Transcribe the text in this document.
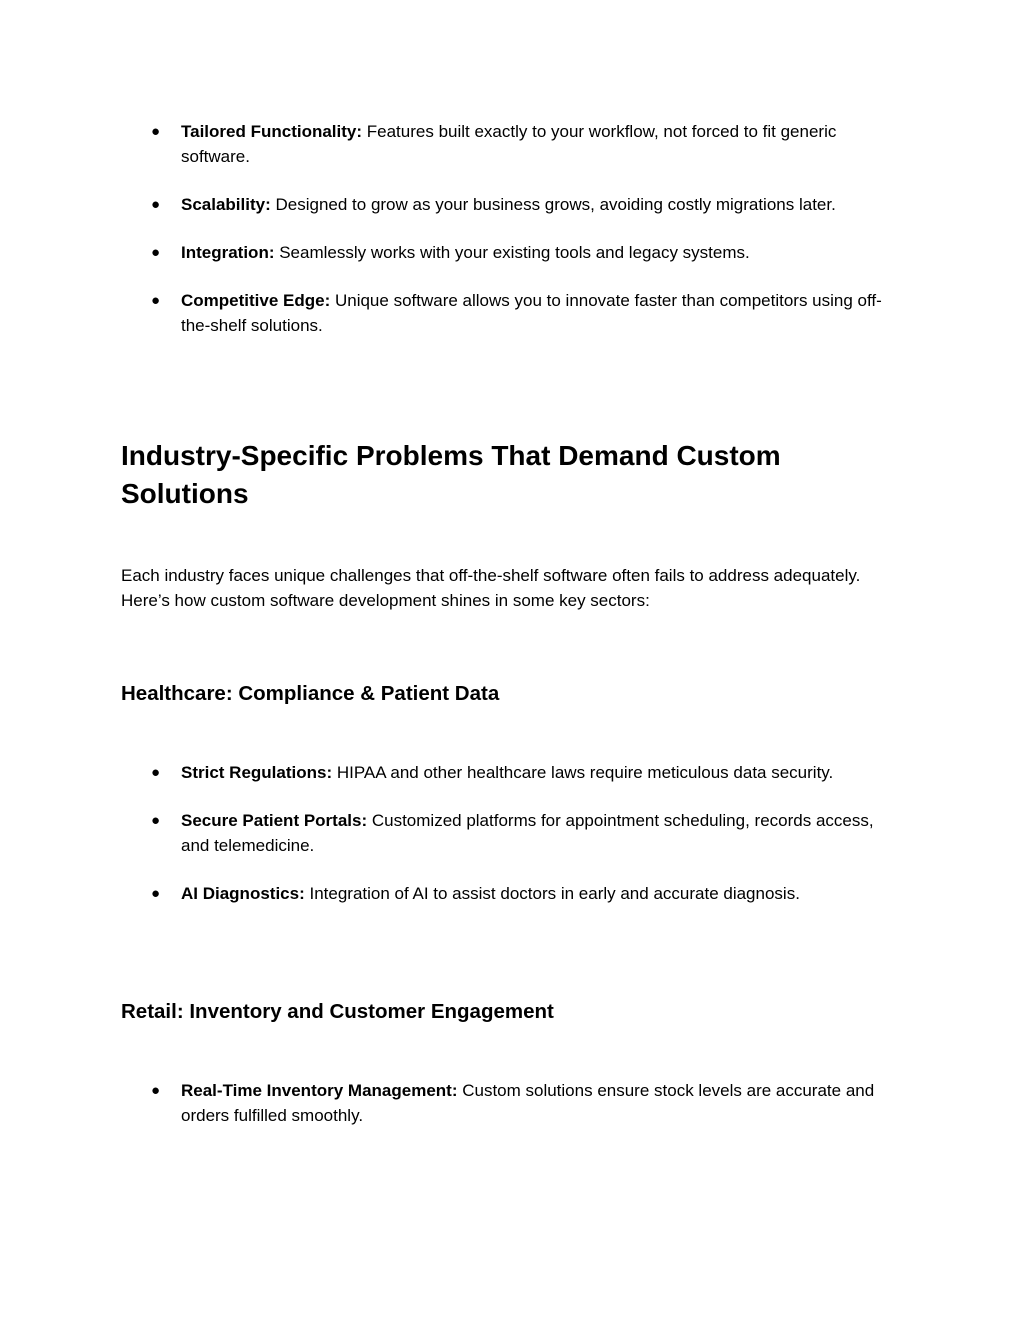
● Tailored Functionality: Features built exactly to your workflow, not forced to fit generic software.
● Scalability: Designed to grow as your business grows, avoiding costly migrations later.
● Integration: Seamlessly works with your existing tools and legacy systems.
● Competitive Edge: Unique software allows you to innovate faster than competitors using off-the-shelf solutions.
Industry-Specific Problems That Demand Custom Solutions

Each industry faces unique challenges that off-the-shelf software often fails to address adequately. Here’s how custom software development shines in some key sectors:

Healthcare: Compliance & Patient Data
● Strict Regulations: HIPAA and other healthcare laws require meticulous data security.
● Secure Patient Portals: Customized platforms for appointment scheduling, records access, and telemedicine.
● AI Diagnostics: Integration of AI to assist doctors in early and accurate diagnosis.
Retail: Inventory and Customer Engagement
● Real-Time Inventory Management: Custom solutions ensure stock levels are accurate and orders fulfilled smoothly.
